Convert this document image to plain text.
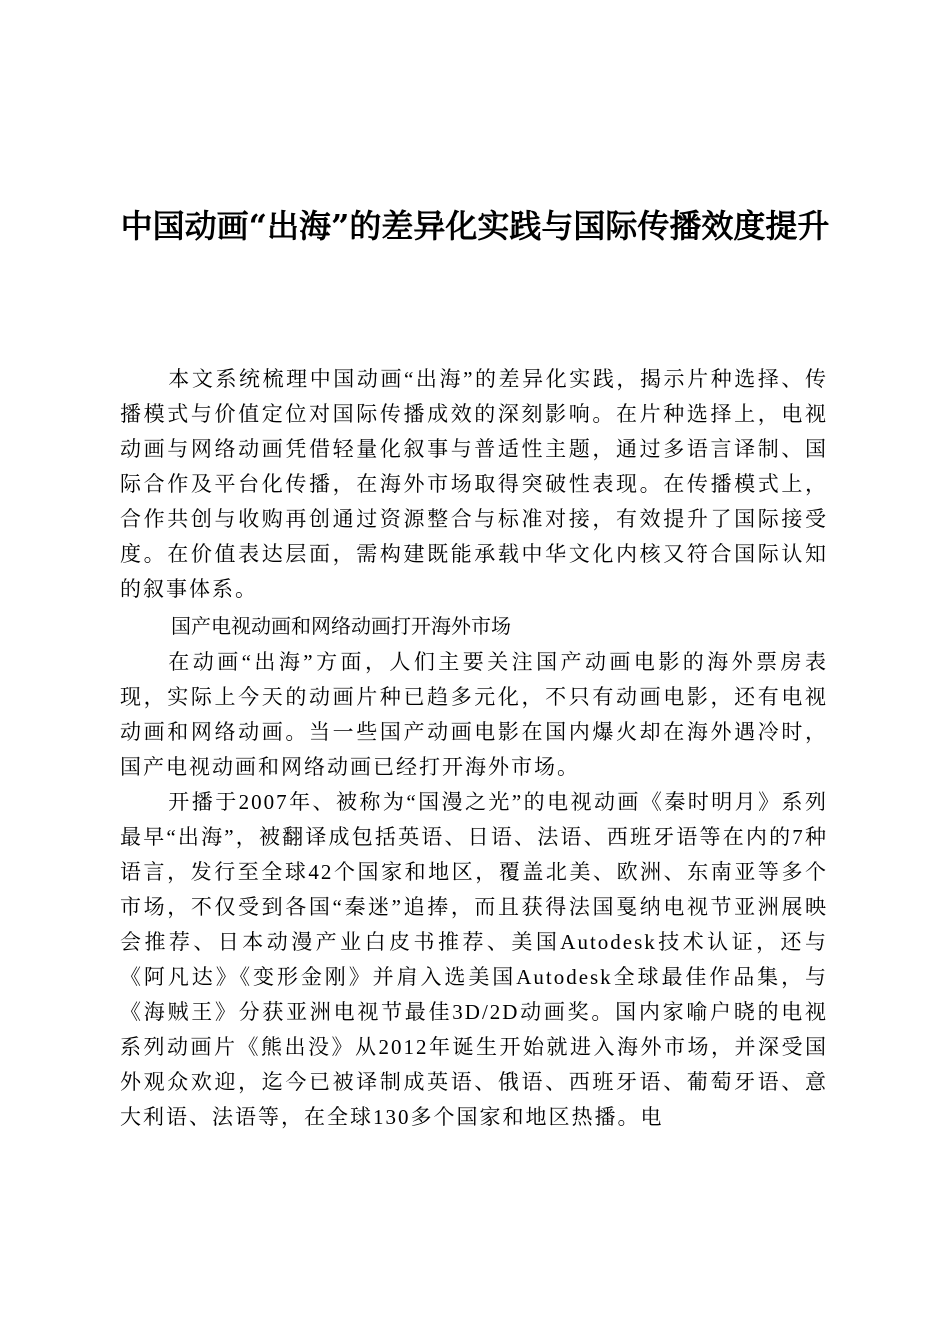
中国动画“出海”的差异化实践与国际传播效度提升

本文系统梳理中国动画“出海”的差异化实践，揭示片种选择、传播模式与价值定位对国际传播成效的深刻影响。在片种选择上，电视动画与网络动画凭借轻量化叙事与普适性主题，通过多语言译制、国际合作及平台化传播，在海外市场取得突破性表现。在传播模式上，合作共创与收购再创通过资源整合与标准对接，有效提升了国际接受度。在价值表达层面，需构建既能承载中华文化内核又符合国际认知的叙事体系。

国产电视动画和网络动画打开海外市场

在动画“出海”方面，人们主要关注国产动画电影的海外票房表现，实际上今天的动画片种已趋多元化，不只有动画电影，还有电视动画和网络动画。当一些国产动画电影在国内爆火却在海外遇冷时，国产电视动画和网络动画已经打开海外市场。

开播于2007年、被称为“国漫之光”的电视动画《秦时明月》系列最早“出海”，被翻译成包括英语、日语、法语、西班牙语等在内的7种语言，发行至全球42个国家和地区，覆盖北美、欧洲、东南亚等多个市场，不仅受到各国“秦迷”追捧，而且获得法国戛纳电视节亚洲展映会推荐、日本动漫产业白皮书推荐、美国Autodesk技术认证，还与《阿凡达》《变形金刚》并肩入选美国Autodesk全球最佳作品集，与《海贼王》分获亚洲电视节最佳3D/2D动画奖。国内家喻户晓的电视系列动画片《熊出没》从2012年诞生开始就进入海外市场，并深受国外观众欢迎，迄今已被译制成英语、俄语、西班牙语、葡萄牙语、意大利语、法语等，在全球130多个国家和地区热播。电
